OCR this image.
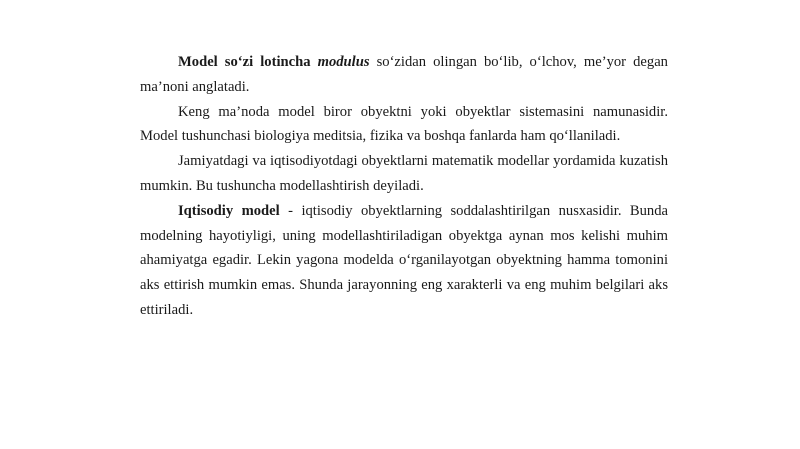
Model so‘zi lotincha modulus so‘zidan olingan bo‘lib, o‘lchov, me’yor degan ma’noni anglatadi.

Keng ma’noda model biror obyektni yoki obyektlar sistemasini namunasidir. Model tushunchasi biologiya meditsia, fizika va boshqa fanlarda ham qo‘llaniladi.

Jamiyatdagi va iqtisodiyotdagi obyektlarni matematik modellar yordamida kuzatish mumkin. Bu tushuncha modellashtirish deyiladi.

Iqtisodiy model - iqtisodiy obyektlarning soddalashtirilgan nusxasidir. Bunda modelning hayotiyligi, uning modellashtiriladigan obyektga aynan mos kelishi muhim ahamiyatga egadir. Lekin yagona modelda o‘rganilayotgan obyektning hamma tomonini aks ettirish mumkin emas. Shunda jarayonning eng xarakterli va eng muhim belgilari aks ettiriladi.
